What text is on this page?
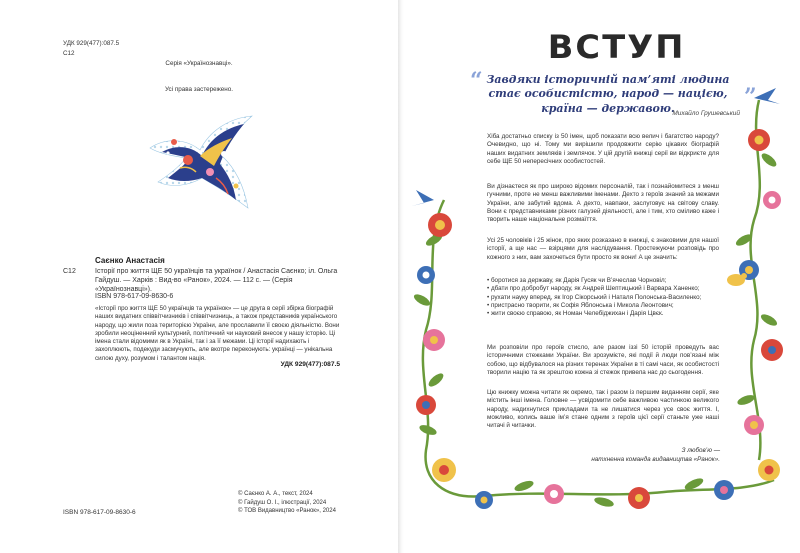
УДК 929(477):087.5
С12
Серія «Українознавці».
Усі права застережено.
Саєнко Анастасія
С12	Історії про життя ЩЕ 50 українців та українок / Анастасія Саєнко; іл. Ольга Гайдуш. — Харків : Вид-во «Ранок», 2024. — 112 с. — (Серія «Українознавці»).
ISBN 978-617-09-8630-6
«Історії про життя ЩЕ 50 українців та українок» — це друга в серії збірка біографій наших видатних співвітчизників і співвітчизниць, а також представників українського народу, що жили поза територією України, але прославили її своєю діяльністю. Вони зробили неоціненний культурний, політичний чи науковий внесок у нашу історію. Ці імена стали відомими як в Україні, так і за її межами. Ці історії надихають і захоплюють, подекуди засмучують, але вкотре переконують: українці — унікальна силою духу, розумом і талантом нація.
УДК 929(477):087.5
© Саєнко А. А., текст, 2024
© Гайдуш О. І., ілюстрації, 2024
© ТОВ Видавництво «Ранок», 2024
ISBN 978-617-09-8630-6
ВСТУП
“ Завдяки історичній пам’яті людина стає особистістю, народ — нацією, країна — державою.	”
Михайло Грушевський

Хіба достатньо списку із 50 імен, щоб показати всю велич і багатство народу? Очевидно, що ні. Тому ми вирішили продовжити серію цікавих біографій наших видатних земляків і землячок. У цій другій книжці серії ви відкриєте для себе ЩЕ 50 непересічних особистостей.

Ви дізнаєтеся як про широко відомих персоналій, так і познайомитеся з менш гучними, проте не менш важливими іменами. Дехто з героїв знаний за межами України, але забутий вдома. А дехто, навпаки, заслуговує на світову славу. Вони є представниками різних галузей діяльності, але і тим, хто сміливо каже і творить наше національне розмаїття.

Усі 25 чоловіків і 25 жінок, про яких розказано в книжці, є знаковими для нашої історії, а ще нас — взірцями для наслідування. Простежуючи розповідь про кожного з них, вам захочеться бути просто як вони! А це значить:

• боротися за державу, як Дарія Гусяк чи В’ячеслав Чорновіл;
• дбати про добробут народу, як Андрей Шептицький і Варвара Ханенко;
• рухати науку вперед, як Ігор Сікорський і Наталя Полонська-Василенко;
• пристрасно творити, як Софія Яблонська і Микола Леонтович;
• жити своєю справою, як Номан Челебіджихан і Дарія Цвєк.

Ми розповіли про героїв стисло, але разом іззі 50 історій проведуть вас історичними стежками України. Ви зрозумієте, які події й люди пов’язані між собою, що відбувалося на різних теренах України в ті самі часи, як особистості творили націю та як зрештою кожна зі стежок привела нас до сьогодення.

Цю книжку можна читати як окремо, так і разом із першим виданням серії, яке містить інші імена. Головне — усвідомити себе важливою частинкою великого народу, надихнутися прикладами та не лишатися через усе своє життя. І, можливо, колись ваше ім’я стане одним з героїв цієї серії станьте уже наші читачі й читачки.

З любов’ю —
натхненна команда видавництва «Ранок».
